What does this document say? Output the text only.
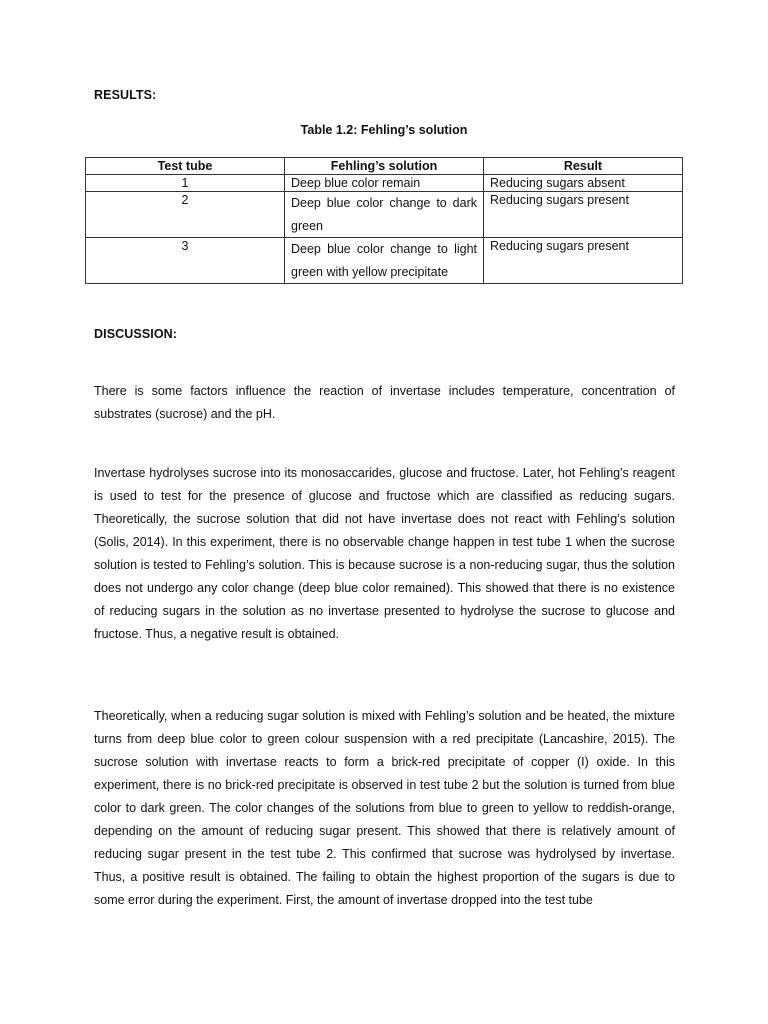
RESULTS:
Table 1.2: Fehling’s solution
Test tube	Fehling’s solution	Result
1	Deep blue color remain	Reducing sugars absent
2	Deep blue color change to dark green	Reducing sugars present
3	Deep blue color change to light green with yellow precipitate	Reducing sugars present
DISCUSSION:

There is some factors influence the reaction of invertase includes temperature, concentration of substrates (sucrose) and the pH.

Invertase hydrolyses sucrose into its monosaccarides, glucose and fructose. Later, hot Fehling's reagent is used to test for the presence of glucose and fructose which are classified as reducing sugars. Theoretically, the sucrose solution that did not have invertase does not react with Fehling’s solution (Solis, 2014). In this experiment, there is no observable change happen in test tube 1 when the sucrose solution is tested to Fehling’s solution. This is because sucrose is a non-reducing sugar, thus the solution does not undergo any color change (deep blue color remained). This showed that there is no existence of reducing sugars in the solution as no invertase presented to hydrolyse the sucrose to glucose and fructose. Thus, a negative result is obtained.

Theoretically, when a reducing sugar solution is mixed with Fehling’s solution and be heated, the mixture turns from deep blue color to green colour suspension with a red precipitate (Lancashire, 2015). The sucrose solution with invertase reacts to form a brick-red precipitate of copper (I) oxide. In this experiment, there is no brick-red precipitate is observed in test tube 2 but the solution is turned from blue color to dark green. The color changes of the solutions from blue to green to yellow to reddish-orange, depending on the amount of reducing sugar present. This showed that there is relatively amount of reducing sugar present in the test tube 2. This confirmed that sucrose was hydrolysed by invertase. Thus, a positive result is obtained. The failing to obtain the highest proportion of the sugars is due to some error during the experiment. First, the amount of invertase dropped into the test tube
